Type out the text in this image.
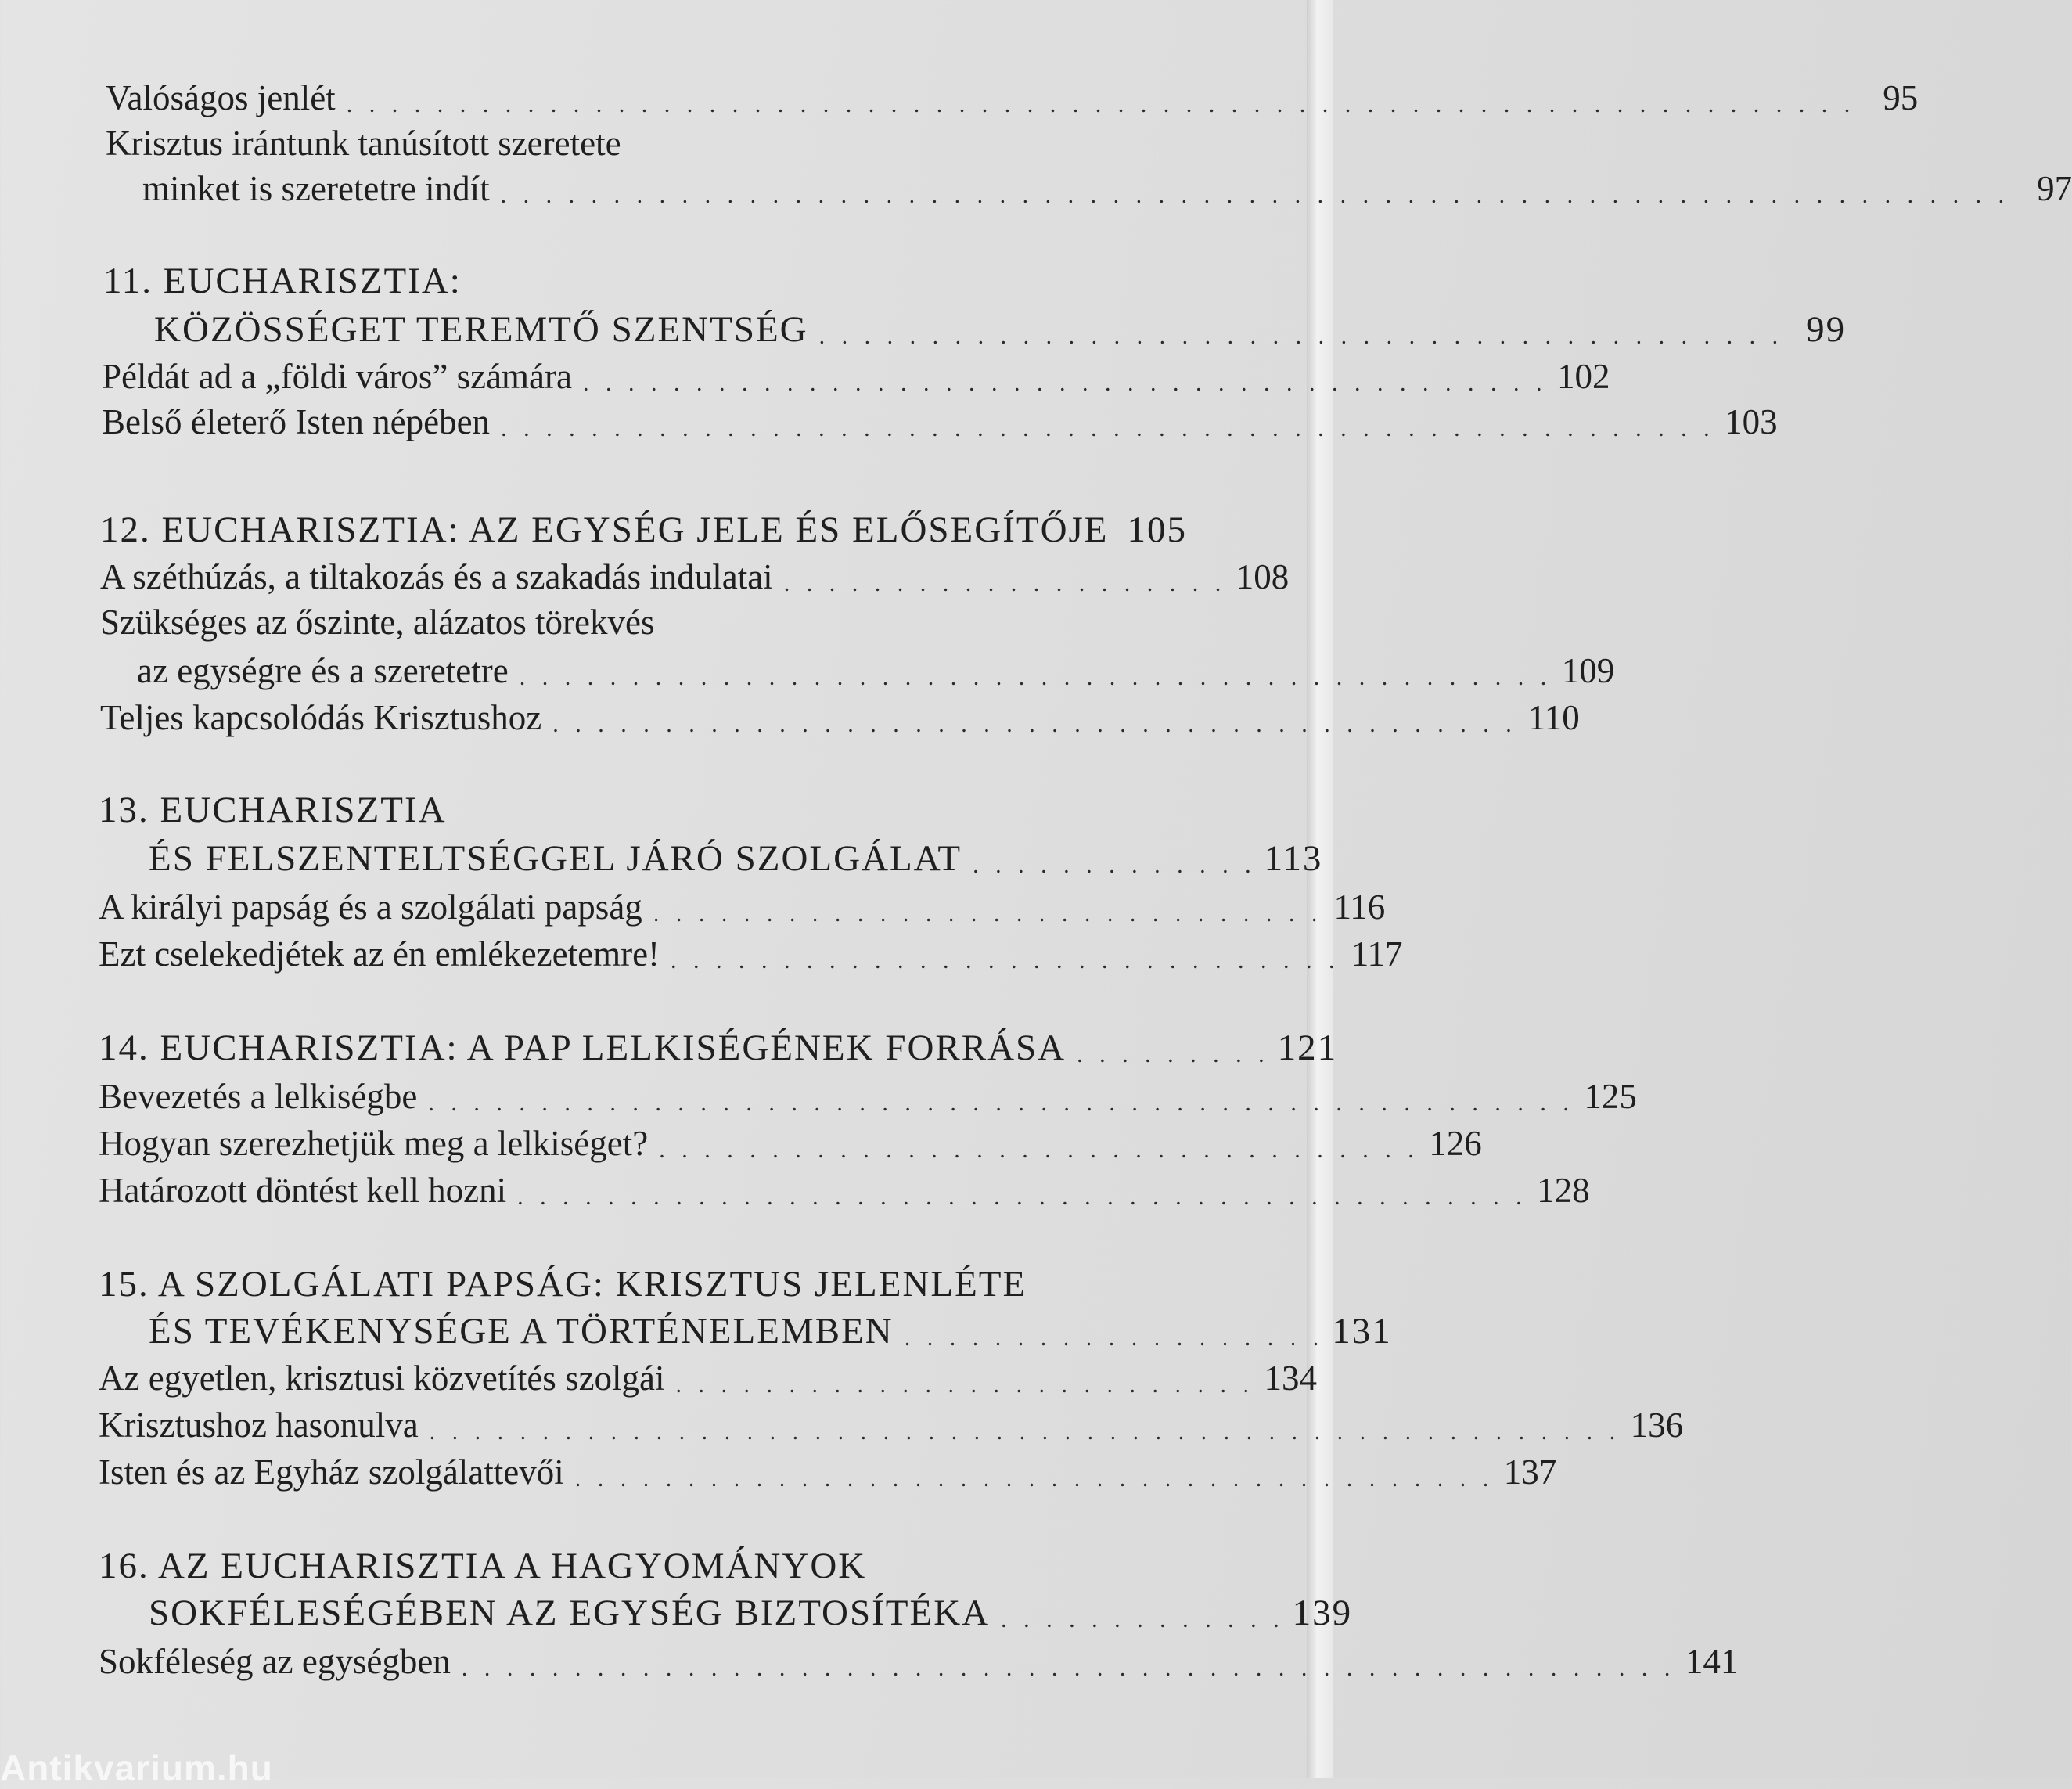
Valóságos jenlét . . . . . . . . . . . . . . . . . . . . . . . . . . . . . . . . . . . . . . . . . . . . . . . . . . . . . . . . . . . . . . . . . . . 95
Krisztus irántunk tanúsított szeretete
minket is szeretetre indít . . . . . . . . . . . . . . . . . . . . . . . . . . . . . . . . . . . . . . . . . . . . . . . . . . . . . . . . . . . . . . . . . . . 97
11. EUCHARISZTIA:
KÖZÖSSÉGET TEREMTŐ SZENTSÉG . . . . . . . . . . . . . . . . . . . . . . . . . . . . . . . . . . . . . . . . . . . 99
Példát ad a „földi város” számára . . . . . . . . . . . . . . . . . . . . . . . . . . . . . . . . . . . . . . . . . . . 102
Belső életerő Isten népében . . . . . . . . . . . . . . . . . . . . . . . . . . . . . . . . . . . . . . . . . . . . . . . . . . . . . . 103
12. EUCHARISZTIA: AZ EGYSÉG JELE ÉS ELŐSEGÍTŐJE 105
A széthúzás, a tiltakozás és a szakadás indulatai . . . . . . . . . . . . . . . . . . . . 108
Szükséges az őszinte, alázatos törekvés
az egységre és a szeretetre . . . . . . . . . . . . . . . . . . . . . . . . . . . . . . . . . . . . . . . . . . . . . . 109
Teljes kapcsolódás Krisztushoz . . . . . . . . . . . . . . . . . . . . . . . . . . . . . . . . . . . . . . . . . . . 110
13. EUCHARISZTIA
ÉS FELSZENTELTSÉGGEL JÁRÓ SZOLGÁLAT . . . . . . . . . . . . . 113
A királyi papság és a szolgálati papság . . . . . . . . . . . . . . . . . . . . . . . . . . . . . . 116
Ezt cselekedjétek az én emlékezetemre! . . . . . . . . . . . . . . . . . . . . . . . . . . . . . . 117
14. EUCHARISZTIA: A PAP LELKISÉGÉNEK FORRÁSA . . . . . . . . . 121
Bevezetés a lelkiségbe . . . . . . . . . . . . . . . . . . . . . . . . . . . . . . . . . . . . . . . . . . . . . . . . . . . 125
Hogyan szerezhetjük meg a lelkiséget? . . . . . . . . . . . . . . . . . . . . . . . . . . . . . . . . . . 126
Határozott döntést kell hozni . . . . . . . . . . . . . . . . . . . . . . . . . . . . . . . . . . . . . . . . . . . . . 128
15. A SZOLGÁLATI PAPSÁG: KRISZTUS JELENLÉTE
ÉS TEVÉKENYSÉGE A TÖRTÉNELEMBEN . . . . . . . . . . . . . . . . . . . 131
Az egyetlen, krisztusi közvetítés szolgái . . . . . . . . . . . . . . . . . . . . . . . . . . 134
Krisztushoz hasonulva . . . . . . . . . . . . . . . . . . . . . . . . . . . . . . . . . . . . . . . . . . . . . . . . . . . . . 136
Isten és az Egyház szolgálattevői . . . . . . . . . . . . . . . . . . . . . . . . . . . . . . . . . . . . . . . . . 137
16. AZ EUCHARISZTIA A HAGYOMÁNYOK
SOKFÉLESÉGÉBEN AZ EGYSÉG BIZTOSÍTÉKA . . . . . . . . . . . . . 139
Sokféleség az egységben . . . . . . . . . . . . . . . . . . . . . . . . . . . . . . . . . . . . . . . . . . . . . . . . . . . . . . 141
Antikvarium.hu
